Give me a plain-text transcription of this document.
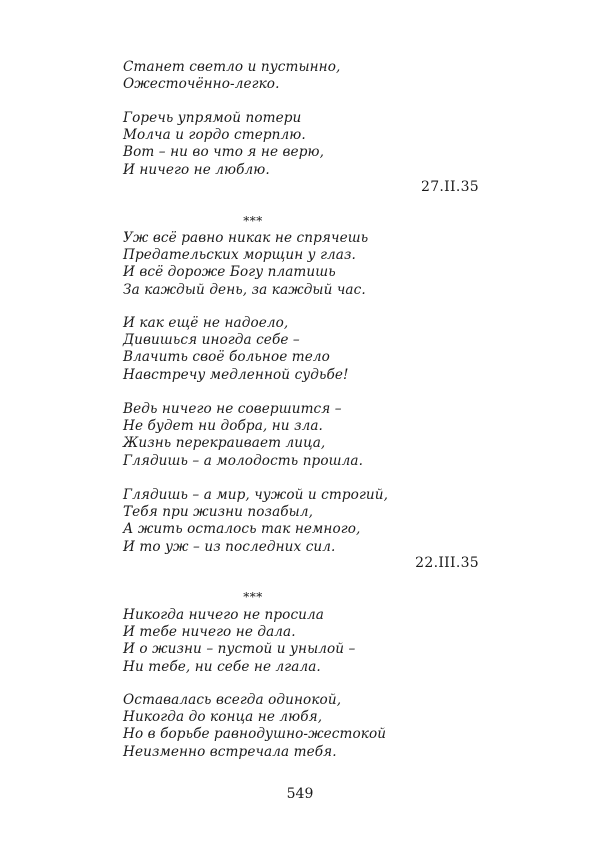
Станет светло и пустынно,
Ожесточённо-легко.
Горечь упрямой потери
Молча и гордо стерплю.
Вот – ни во что я не верю,
И ничего не люблю.
27.II.35
***
Уж всё равно никак не спрячешь
Предательских морщин у глаз.
И всё дороже Богу платишь
За каждый день, за каждый час.
И как ещё не надоело,
Дивишься иногда себе –
Влачить своё больное тело
Навстречу медленной судьбе!
Ведь ничего не совершится –
Не будет ни добра, ни зла.
Жизнь перекраивает лица,
Глядишь – а молодость прошла.
Глядишь – а мир, чужой и строгий,
Тебя при жизни позабыл,
А жить осталось так немного,
И то уж – из последних сил.
22.III.35
***
Никогда ничего не просила
И тебе ничего не дала.
И о жизни – пустой и унылой –
Ни тебе, ни себе не лгала.
Оставалась всегда одинокой,
Никогда до конца не любя,
Но в борьбе равнодушно-жестокой
Неизменно встречала тебя.
549
